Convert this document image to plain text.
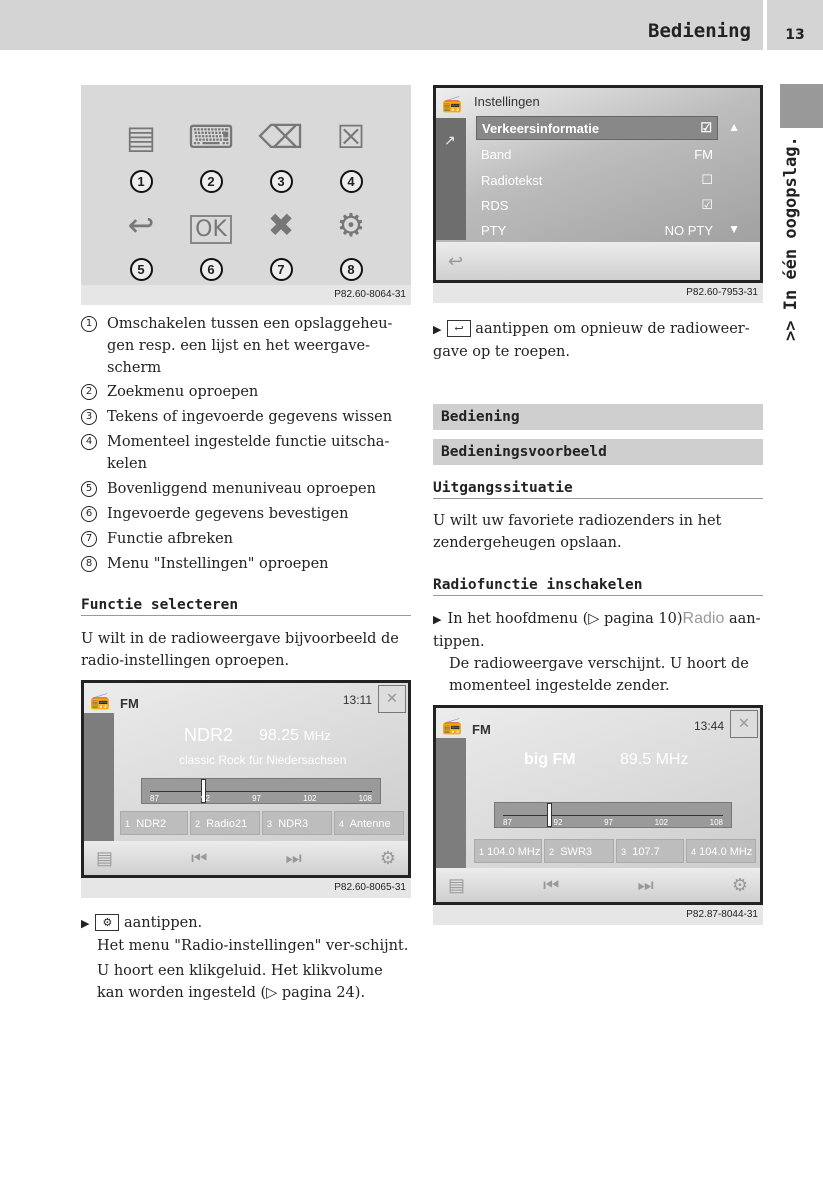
Bediening	13
>> In één oogopslag.
▤ ⌨ ⌫	☒
1	2	3	4
↩	OK	✖	⚙
5	6	7	8
P82.60-8064-31
1	Omschakelen tussen een opslaggeheu-gen resp. een lijst en het weergave-scherm
2	Zoekmenu oproepen
3	Tekens of ingevoerde gegevens wissen
4	Momenteel ingestelde functie uitscha-kelen
5	Bovenliggend menuniveau oproepen
6	Ingevoerde gegevens bevestigen
7	Functie afbreken
8	Menu "Instellingen" oproepen
Functie selecteren
U wilt in de radioweergave bijvoorbeeld de radio-instellingen oproepen.
📻 FM	13:11 ✕
NDR2 98.25 MHz
classic Rock für Niedersachsen
87	92	97	102	108
1 NDR2	2 Radio21	3 NDR3	4 Antenne
▤	⏮	⏭	⚙
P82.60-8065-31
▶ ⚙ aantippen.
Het menu "Radio-instellingen" ver-schijnt.
U hoort een klikgeluid. Het klikvolume kan worden ingesteld (▷ pagina 24).
📻
↗
Instellingen
Verkeersinformatie	☑
Band	FM
Radiotekst	☐
RDS	☑
PTY	NO PTY
▲
▼
↩
P82.60-7953-31
▶ ↩ aantippen om opnieuw de radioweer-gave op te roepen.
Bediening
Bedieningsvoorbeeld
Uitgangssituatie
U wilt uw favoriete radiozenders in het zendergeheugen opslaan.
Radiofunctie inschakelen
▶ In het hoofdmenu (▷ pagina 10)Radio aan-tippen.
De radioweergave verschijnt. U hoort de momenteel ingestelde zender.
📻 FM	13:44 ✕
big FM	89.5 MHz
87	92	97	102	108
1 104.0 MHz 2 SWR3	3 107.7	4 104.0 MHz
▤	⏮	⏭	⚙
P82.87-8044-31
